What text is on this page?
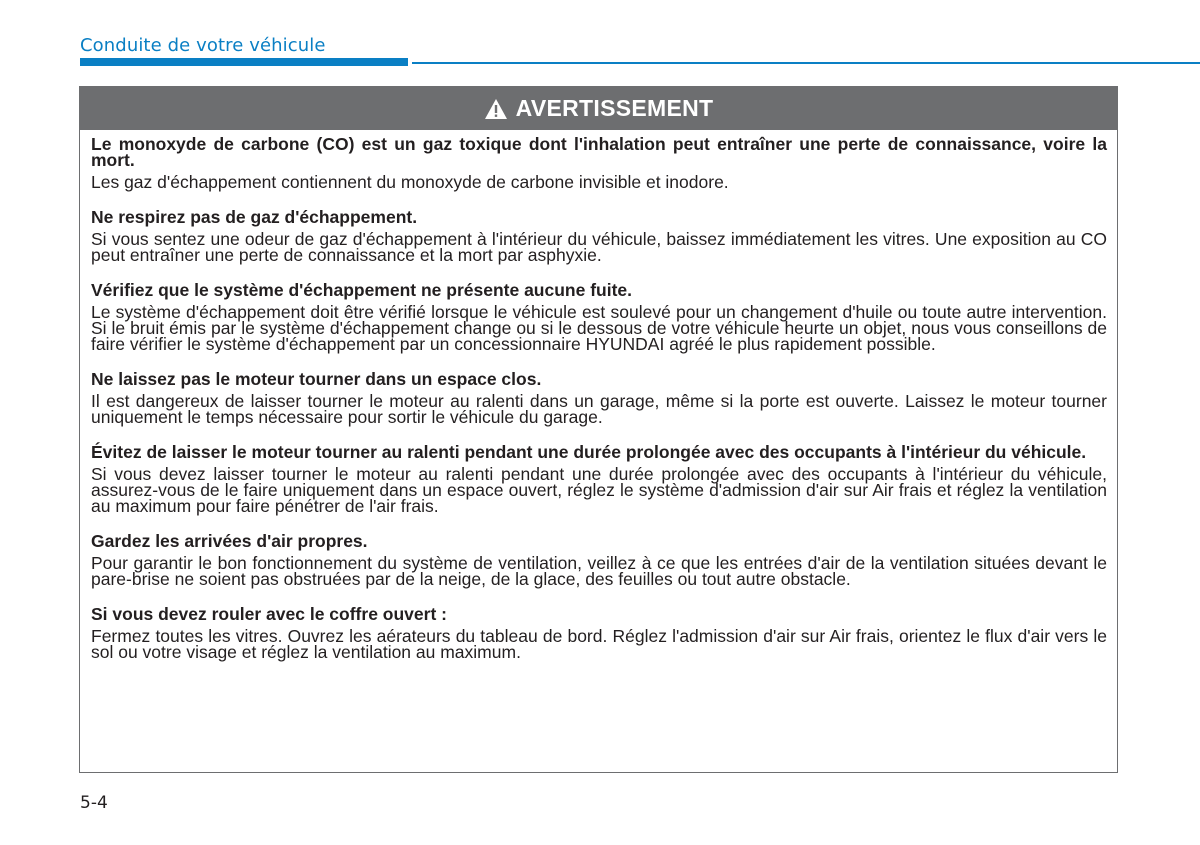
Conduite de votre véhicule
AVERTISSEMENT
Le monoxyde de carbone (CO) est un gaz toxique dont l'inhalation peut entraîner une perte de connaissance, voire la mort.
Les gaz d'échappement contiennent du monoxyde de carbone invisible et inodore.
Ne respirez pas de gaz d'échappement.
Si vous sentez une odeur de gaz d'échappement à l'intérieur du véhicule, baissez immédiatement les vitres. Une exposition au CO peut entraîner une perte de connaissance et la mort par asphyxie.
Vérifiez que le système d'échappement ne présente aucune fuite.
Le système d'échappement doit être vérifié lorsque le véhicule est soulevé pour un changement d'huile ou toute autre intervention. Si le bruit émis par le système d'échappement change ou si le dessous de votre véhicule heurte un objet, nous vous conseillons de faire vérifier le système d'échappement par un concessionnaire HYUNDAI agréé le plus rapidement possible.
Ne laissez pas le moteur tourner dans un espace clos.
Il est dangereux de laisser tourner le moteur au ralenti dans un garage, même si la porte est ouverte. Laissez le moteur tourner uniquement le temps nécessaire pour sortir le véhicule du garage.
Évitez de laisser le moteur tourner au ralenti pendant une durée prolongée avec des occupants à l'intérieur du véhicule.
Si vous devez laisser tourner le moteur au ralenti pendant une durée prolongée avec des occupants à l'intérieur du véhicule, assurez-vous de le faire uniquement dans un espace ouvert, réglez le système d'admission d'air sur Air frais et réglez la ventilation au maximum pour faire pénétrer de l'air frais.
Gardez les arrivées d'air propres.
Pour garantir le bon fonctionnement du système de ventilation, veillez à ce que les entrées d'air de la ventilation situées devant le pare-brise ne soient pas obstruées par de la neige, de la glace, des feuilles ou tout autre obstacle.
Si vous devez rouler avec le coffre ouvert :
Fermez toutes les vitres. Ouvrez les aérateurs du tableau de bord. Réglez l'admission d'air sur Air frais, orientez le flux d'air vers le sol ou votre visage et réglez la ventilation au maximum.
5-4
